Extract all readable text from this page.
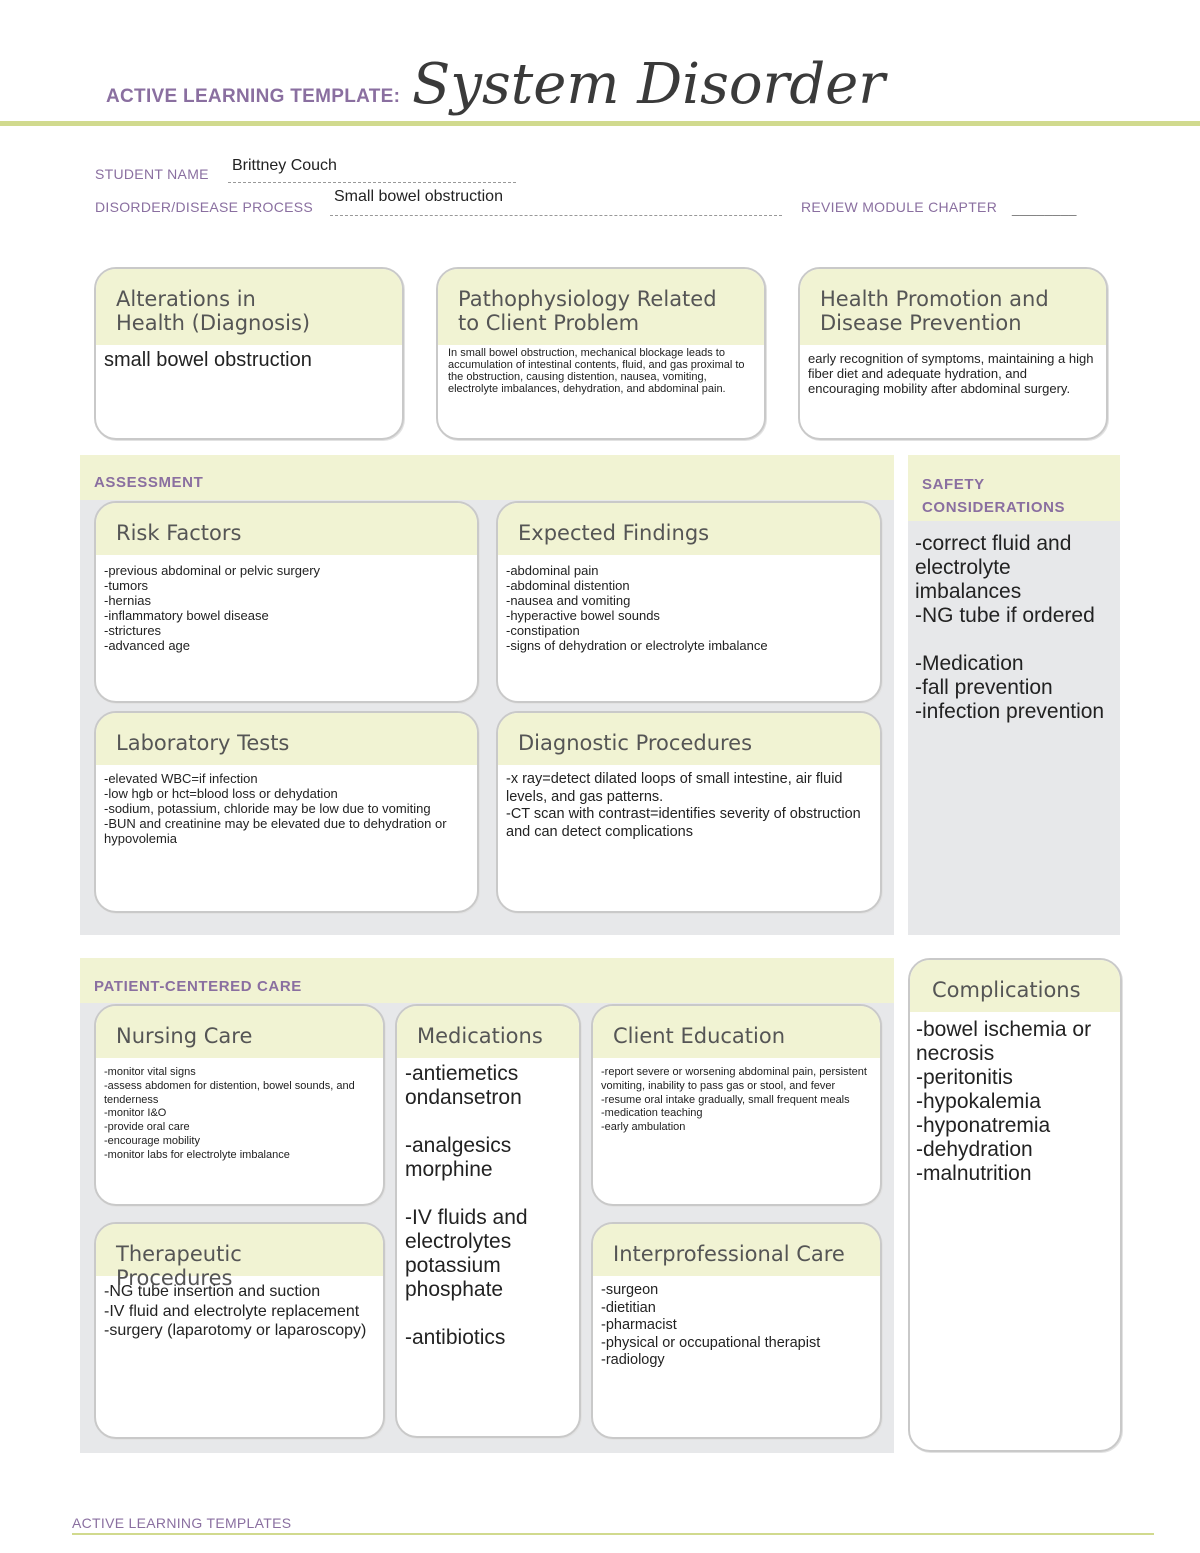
ACTIVE LEARNING TEMPLATE: System Disorder
STUDENT NAME Brittney Couch
DISORDER/DISEASE PROCESS
Small bowel obstruction
REVIEW MODULE CHAPTER ________
Alterations in
Health (Diagnosis)
small bowel obstruction
Pathophysiology Related
to Client Problem
In small bowel obstruction, mechanical blockage leads to accumulation of intestinal contents, fluid, and gas proximal to the obstruction, causing distention, nausea, vomiting, electrolyte imbalances, dehydration, and abdominal pain.
Health Promotion and
Disease Prevention
early recognition of symptoms, maintaining a high fiber diet and adequate hydration, and encouraging mobility after abdominal surgery.
ASSESSMENT
Risk Factors
-previous abdominal or pelvic surgery
-tumors
-hernias
-inflammatory bowel disease
-strictures
-advanced age
Expected Findings
-abdominal pain
-abdominal distention
-nausea and vomiting
-hyperactive bowel sounds
-constipation
-signs of dehydration or electrolyte imbalance
Laboratory Tests
-elevated WBC=if infection
-low hgb or hct=blood loss or dehydation
-sodium, potassium, chloride may be low due to vomiting
-BUN and creatinine may be elevated due to dehydration or hypovolemia
Diagnostic Procedures
-x ray=detect dilated loops of small intestine, air fluid levels, and gas patterns.
-CT scan with contrast=identifies severity of obstruction and can detect complications
SAFETY
CONSIDERATIONS
-correct fluid and electrolyte imbalances
-NG tube if ordered

-Medication
-fall prevention
-infection prevention
PATIENT-CENTERED CARE
Nursing Care
-monitor vital signs
-assess abdomen for distention, bowel sounds, and tenderness
-monitor I&O
-provide oral care
-encourage mobility
-monitor labs for electrolyte imbalance
Medications
-antiemetics
ondansetron

-analgesics
morphine

-IV fluids and electrolytes
potassium
phosphate

-antibiotics
Client Education
-report severe or worsening abdominal pain, persistent vomiting, inability to pass gas or stool, and fever
-resume oral intake gradually, small frequent meals
-medication teaching
-early ambulation
Therapeutic Procedures
-NG tube insertion and suction
-IV fluid and electrolyte replacement
-surgery (laparotomy or laparoscopy)
Interprofessional Care
-surgeon
-dietitian
-pharmacist
-physical or occupational therapist
-radiology
Complications
-bowel ischemia or
necrosis
-peritonitis
-hypokalemia
-hyponatremia
-dehydration
-malnutrition
ACTIVE LEARNING TEMPLATES
